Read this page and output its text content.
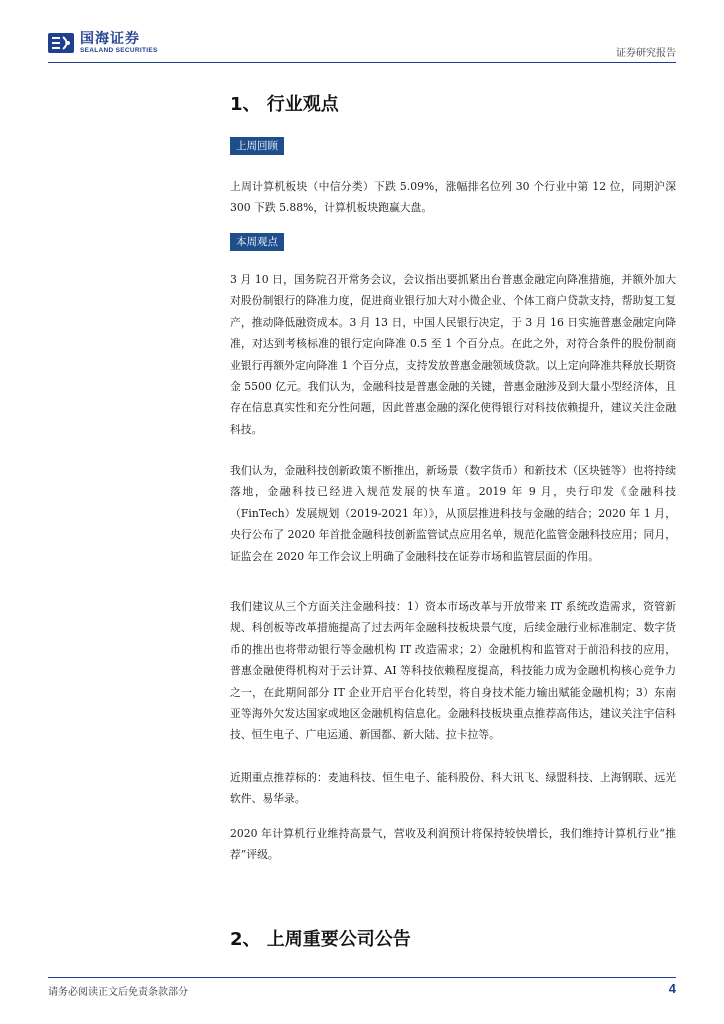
国海证券
SEALAND SECURITIES	证券研究报告
1、 行业观点
上周回顾

上周计算机板块（中信分类）下跌 5.09%，涨幅排名位列 30 个行业中第 12 位，同期沪深 300 下跌 5.88%，计算机板块跑赢大盘。

本周观点

3 月 10 日，国务院召开常务会议，会议指出要抓紧出台普惠金融定向降准措施，并额外加大对股份制银行的降准力度，促进商业银行加大对小微企业、个体工商户贷款支持，帮助复工复产，推动降低融资成本。3 月 13 日，中国人民银行决定，于 3 月 16 日实施普惠金融定向降准，对达到考核标准的银行定向降准 0.5 至 1 个百分点。在此之外，对符合条件的股份制商业银行再额外定向降准 1 个百分点，支持发放普惠金融领域贷款。以上定向降准共释放长期资金 5500 亿元。我们认为，金融科技是普惠金融的关键，普惠金融涉及到大量小型经济体，且存在信息真实性和充分性问题，因此普惠金融的深化使得银行对科技依赖提升，建议关注金融科技。

我们认为，金融科技创新政策不断推出，新场景（数字货币）和新技术（区块链等）也将持续落地，金融科技已经进入规范发展的快车道。2019 年 9 月，央行印发《金融科技（FinTech）发展规划（2019-2021 年）》，从顶层推进科技与金融的结合；2020 年 1 月，央行公布了 2020 年首批金融科技创新监管试点应用名单，规范化监管金融科技应用；同月，证监会在 2020 年工作会议上明确了金融科技在证券市场和监管层面的作用。

我们建议从三个方面关注金融科技：1）资本市场改革与开放带来 IT 系统改造需求，资管新规、科创板等改革措施提高了过去两年金融科技板块景气度，后续金融行业标准制定、数字货币的推出也将带动银行等金融机构 IT 改造需求；2）金融机构和监管对于前沿科技的应用，普惠金融使得机构对于云计算、AI 等科技依赖程度提高，科技能力成为金融机构核心竞争力之一，在此期间部分 IT 企业开启平台化转型，将自身技术能力输出赋能金融机构；3）东南亚等海外欠发达国家或地区金融机构信息化。金融科技板块重点推荐高伟达，建议关注宇信科技、恒生电子、广电运通、新国都、新大陆、拉卡拉等。

近期重点推荐标的：麦迪科技、恒生电子、能科股份、科大讯飞、绿盟科技、上海钢联、远光软件、易华录。

2020 年计算机行业维持高景气，营收及利润预计将保持较快增长，我们维持计算机行业“推荐”评级。

2、 上周重要公司公告
请务必阅读正文后免责条款部分	4
